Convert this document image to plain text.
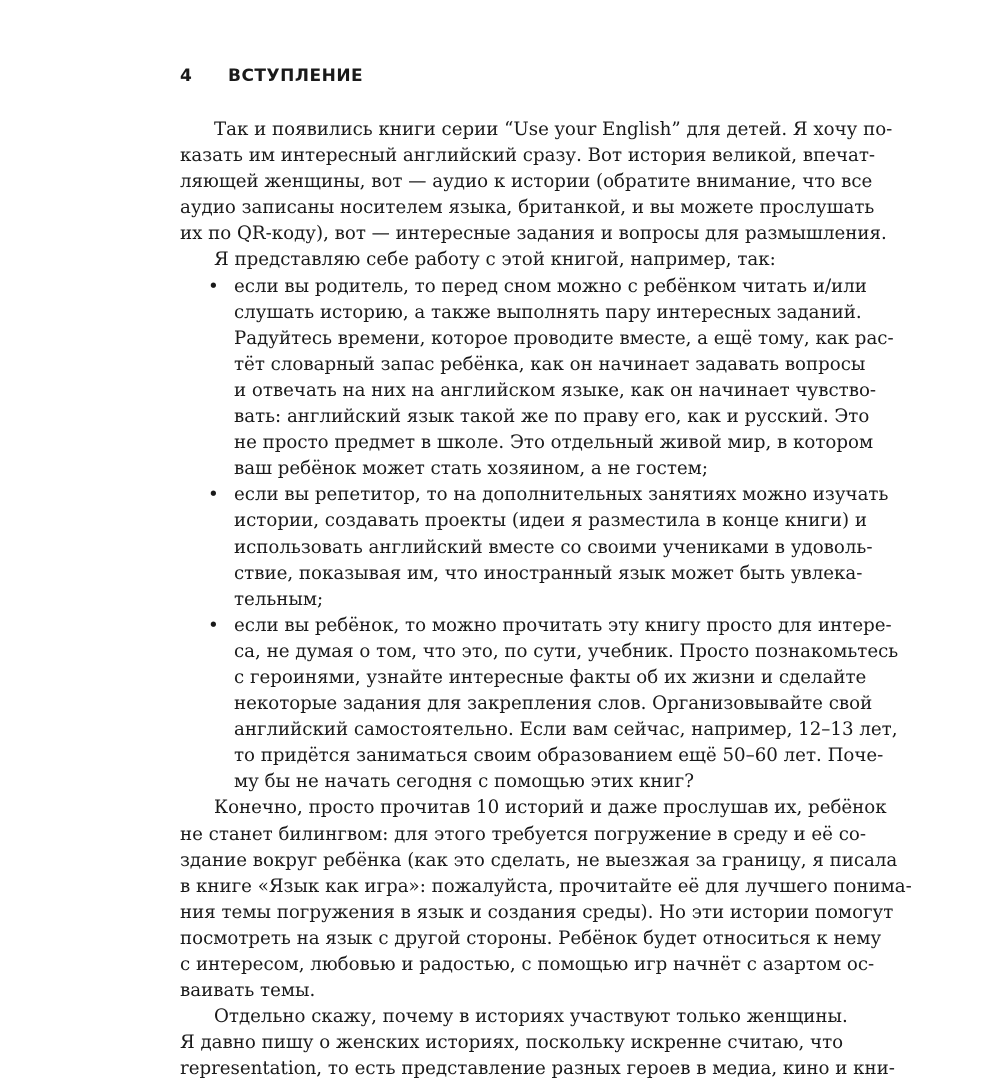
4 ВСТУПЛЕНИЕ
Так и появились книги серии “Use your English” для детей. Я хочу по-
казать им интересный английский сразу. Вот история великой, впечат-
ляющей женщины, вот — аудио к истории (обратите внимание, что все
аудио записаны носителем языка, британкой, и вы можете прослушать
их по QR-коду), вот — интересные задания и вопросы для размышления.
Я представляю себе работу с этой книгой, например, так:
• если вы родитель, то перед сном можно с ребёнком читать и/или
слушать историю, а также выполнять пару интересных заданий.
Радуйтесь времени, которое проводите вместе, а ещё тому, как рас-
тёт словарный запас ребёнка, как он начинает задавать вопросы
и отвечать на них на английском языке, как он начинает чувство-
вать: английский язык такой же по праву его, как и русский. Это
не просто предмет в школе. Это отдельный живой мир, в котором
ваш ребёнок может стать хозяином, а не гостем;
• если вы репетитор, то на дополнительных занятиях можно изучать
истории, создавать проекты (идеи я разместила в конце книги) и
использовать английский вместе со своими учениками в удоволь-
ствие, показывая им, что иностранный язык может быть увлека-
тельным;
• если вы ребёнок, то можно прочитать эту книгу просто для интере-
са, не думая о том, что это, по сути, учебник. Просто познакомьтесь
с героинями, узнайте интересные факты об их жизни и сделайте
некоторые задания для закрепления слов. Организовывайте свой
английский самостоятельно. Если вам сейчас, например, 12–13 лет,
то придётся заниматься своим образованием ещё 50–60 лет. Поче-
му бы не начать сегодня с помощью этих книг?
Конечно, просто прочитав 10 историй и даже прослушав их, ребёнок
не станет билингвом: для этого требуется погружение в среду и её со-
здание вокруг ребёнка (как это сделать, не выезжая за границу, я писала
в книге «Язык как игра»: пожалуйста, прочитайте её для лучшего понима-
ния темы погружения в язык и создания среды). Но эти истории помогут
посмотреть на язык с другой стороны. Ребёнок будет относиться к нему
с интересом, любовью и радостью, с помощью игр начнёт с азартом ос-
ваивать темы.
Отдельно скажу, почему в историях участвуют только женщины.
Я давно пишу о женских историях, поскольку искренне считаю, что
representation, то есть представление разных героев в медиа, кино и кни-
